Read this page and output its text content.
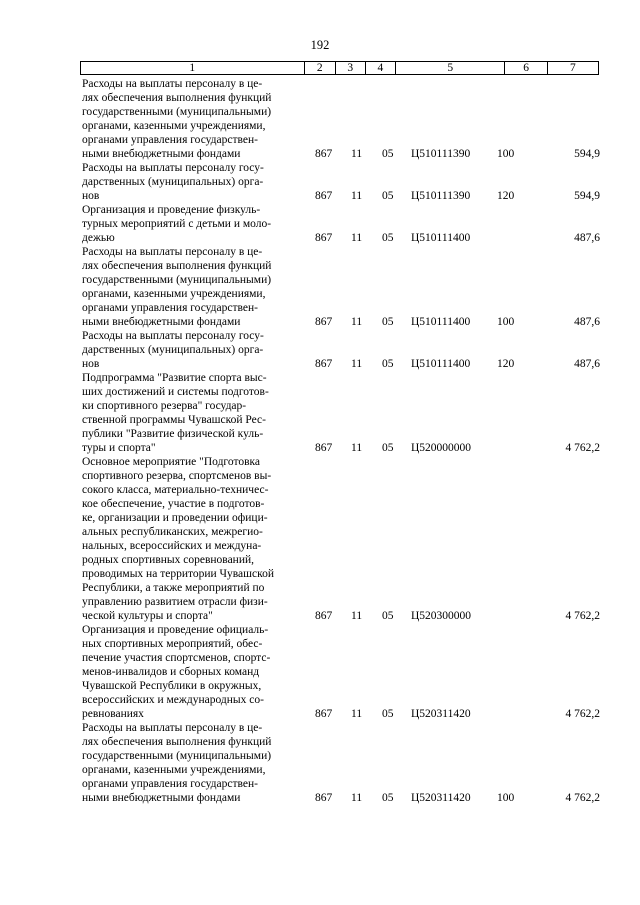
192
1	2	3	4	5	6	7
Расходы на выплаты персоналу в це-
лях обеспечения выполнения функций
государственными (муниципальными)
органами, казенными учреждениями,
органами управления государствен-
ными внебюджетными фондами	867 11 05 Ц510111390 100	594,9
Расходы на выплаты персоналу госу-
дарственных (муниципальных) орга-
нов	867 11 05 Ц510111390 120	594,9
Организация и проведение физкуль-
турных мероприятий с детьми и моло-
дежью	867 11 05 Ц510111400	487,6
Расходы на выплаты персоналу в це-
лях обеспечения выполнения функций
государственными (муниципальными)
органами, казенными учреждениями,
органами управления государствен-
ными внебюджетными фондами	867 11 05 Ц510111400 100	487,6
Расходы на выплаты персоналу госу-
дарственных (муниципальных) орга-
нов	867 11 05 Ц510111400 120	487,6
Подпрограмма "Развитие спорта выс-
ших достижений и системы подготов-
ки спортивного резерва" государ-
ственной программы Чувашской Рес-
публики "Развитие физической куль-
туры и спорта"	867 11 05 Ц520000000	4 762,2
Основное мероприятие "Подготовка
спортивного резерва, спортсменов вы-
сокого класса, материально-техничес-
кое обеспечение, участие в подготов-
ке, организации и проведении офици-
альных республиканских, межрегио-
нальных, всероссийских и междуна-
родных спортивных соревнований,
проводимых на территории Чувашской
Республики, а также мероприятий по
управлению развитием отрасли физи-
ческой культуры и спорта"	867 11 05 Ц520300000	4 762,2
Организация и проведение официаль-
ных спортивных мероприятий, обес-
печение участия спортсменов, спортс-
менов-инвалидов и сборных команд
Чувашской Республики в окружных,
всероссийских и международных со-
ревнованиях	867 11 05 Ц520311420	4 762,2
Расходы на выплаты персоналу в це-
лях обеспечения выполнения функций
государственными (муниципальными)
органами, казенными учреждениями,
органами управления государствен-
ными внебюджетными фондами	867 11 05 Ц520311420 100	4 762,2
